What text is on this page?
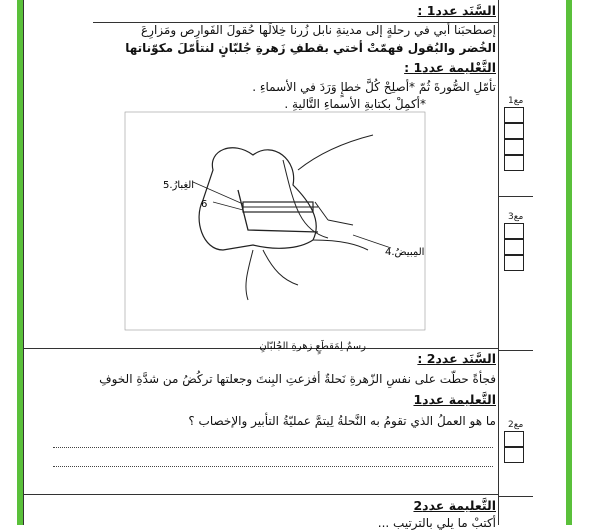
السَّنَد عدد1 :
إصطحبَنا أبي في رحلةٍ إلى مدينةِ نابل زُرنا خِلالَها حُقولَ الفَوارِص ومَزارِعَ
الخُضر والبُقول فهمّتْ أختي بقطفِ زَهرةِ جُلبّانٍ لنتأمّلَ مكوّناتها
التَّعْليمة عدد1 :
تأمّلِ الصُّورةَ ثُمّ *أصلِحْ كُلَّ خطإٍ وَرَدَ في الأسماءِ .
*أكمِلْ بكتابةِ الأسماءِ التَّاليةِ .
5.الغِبارُ
6
4.المِبيضُ
رسمٌ لِمَقطَعٍ زهرةِ الجُلبّانِ
السَّنَد عدد2 :
فجأةً حطّت على نفسِ الزّهرةِ نَحلةٌ أفزعتِ البِنتَ وجعلتها تركُضُ من شدَّةِ الخوفِ
التَّعليمة عدد1
ما هو العملُ الذي تقومُ به النَّحلةُ لِيتمَّ عمليّةُ التأبير والإخصاب ؟
التَّعليمة عدد2
أكتبْ ما يلي بالترتيب ...
مع1
مع3
مع2
